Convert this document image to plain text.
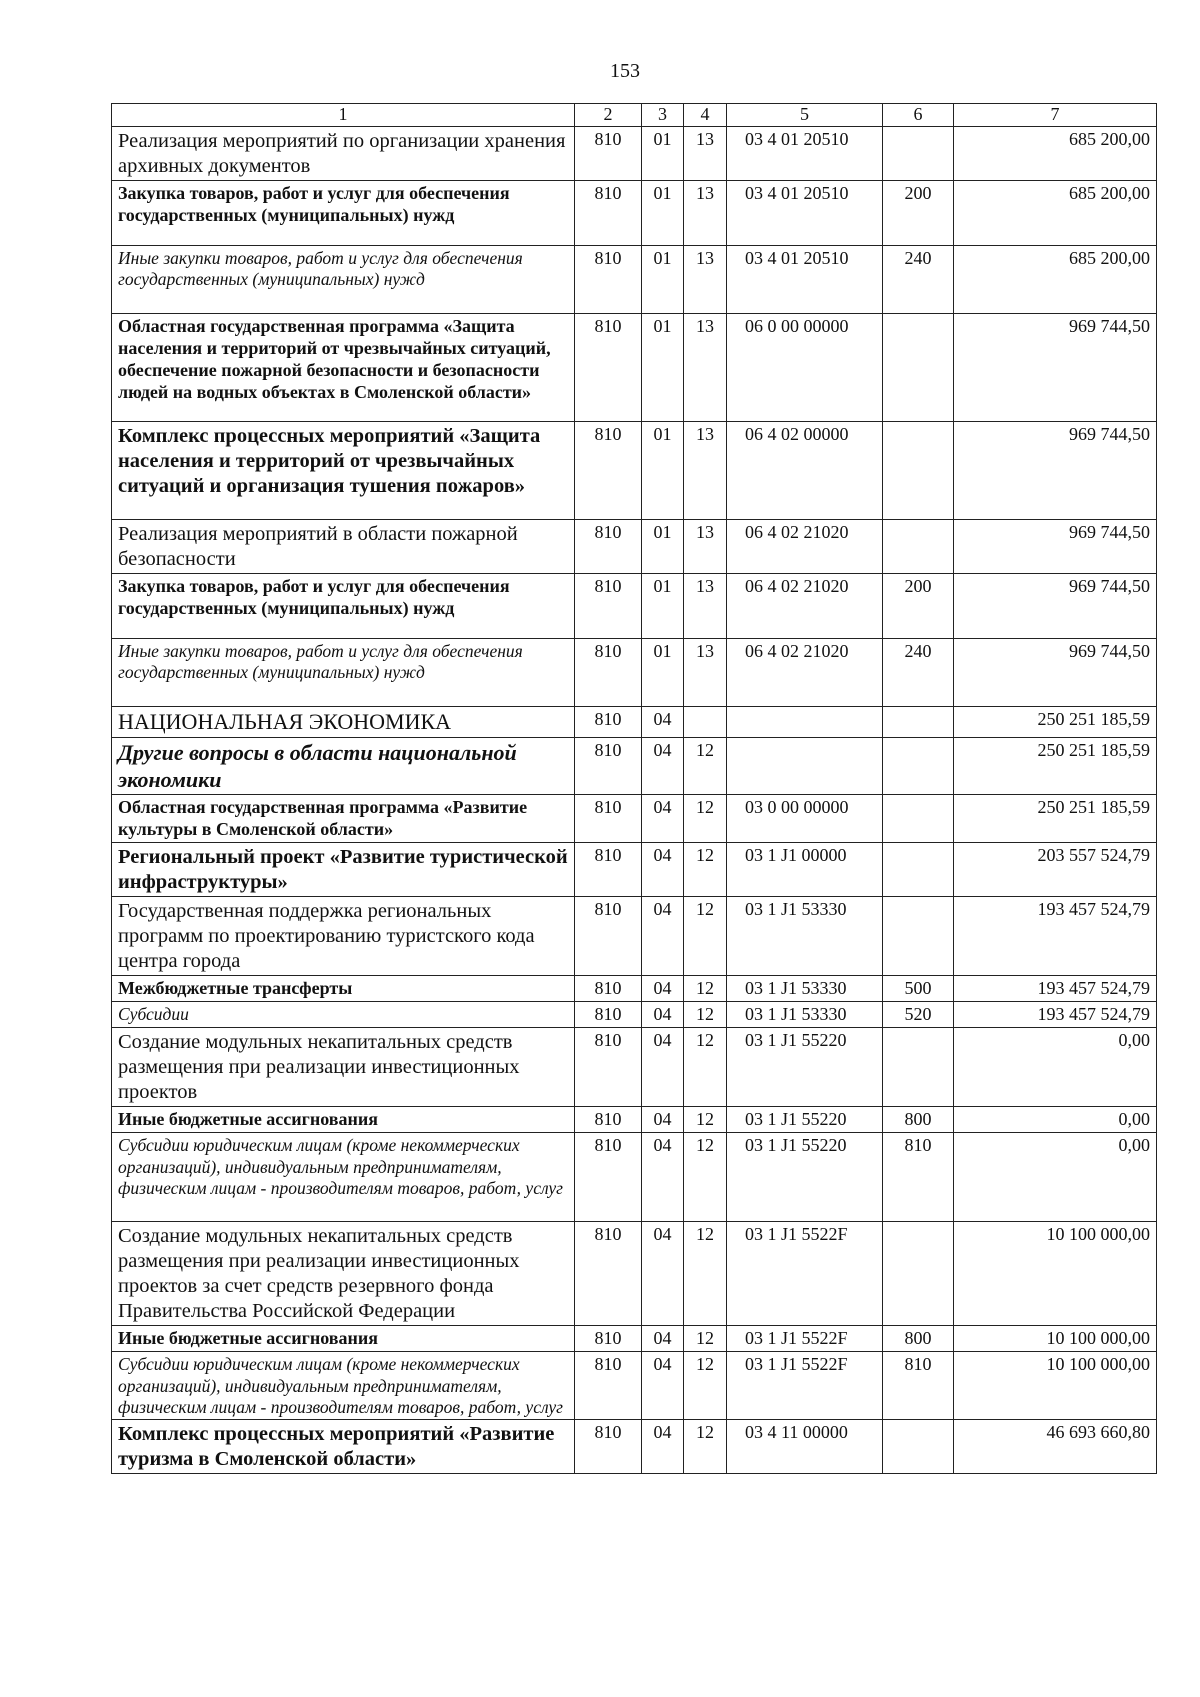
153
1	2	3	4	5	6	7
Реализация мероприятий по организации хранения архивных документов	810	01	13	03 4 01 20510		685 200,00
Закупка товаров, работ и услуг для обеспечения государственных (муниципальных) нужд	810	01	13	03 4 01 20510	200	685 200,00
Иные закупки товаров, работ и услуг для обеспечения государственных (муниципальных) нужд	810	01	13	03 4 01 20510	240	685 200,00
Областная государственная программа «Защита населения и территорий от чрезвычайных ситуаций, обеспечение пожарной безопасности и безопасности людей на водных объектах в Смоленской области»	810	01	13	06 0 00 00000		969 744,50
Комплекс процессных мероприятий «Защита населения и территорий от чрезвычайных ситуаций и организация тушения пожаров»	810	01	13	06 4 02 00000		969 744,50
Реализация мероприятий в области пожарной безопасности	810	01	13	06 4 02 21020		969 744,50
Закупка товаров, работ и услуг для обеспечения государственных (муниципальных) нужд	810	01	13	06 4 02 21020	200	969 744,50
Иные закупки товаров, работ и услуг для обеспечения государственных (муниципальных) нужд	810	01	13	06 4 02 21020	240	969 744,50
НАЦИОНАЛЬНАЯ ЭКОНОМИКА	810	04				250 251 185,59
Другие вопросы в области национальной экономики	810	04	12			250 251 185,59
Областная государственная программа «Развитие культуры в Смоленской области»	810	04	12	03 0 00 00000		250 251 185,59
Региональный проект «Развитие туристической инфраструктуры»	810	04	12	03 1 J1 00000		203 557 524,79
Государственная поддержка региональных программ по проектированию туристского кода центра города	810	04	12	03 1 J1 53330		193 457 524,79
Межбюджетные трансферты	810	04	12	03 1 J1 53330	500	193 457 524,79
Субсидии	810	04	12	03 1 J1 53330	520	193 457 524,79
Создание модульных некапитальных средств размещения при реализации инвестиционных проектов	810	04	12	03 1 J1 55220		0,00
Иные бюджетные ассигнования	810	04	12	03 1 J1 55220	800	0,00
Субсидии юридическим лицам (кроме некоммерческих организаций), индивидуальным предпринимателям, физическим лицам - производителям товаров, работ, услуг	810	04	12	03 1 J1 55220	810	0,00
Создание модульных некапитальных средств размещения при реализации инвестиционных проектов за счет средств резервного фонда Правительства Российской Федерации	810	04	12	03 1 J1 5522F		10 100 000,00
Иные бюджетные ассигнования	810	04	12	03 1 J1 5522F	800	10 100 000,00
Субсидии юридическим лицам (кроме некоммерческих организаций), индивидуальным предпринимателям, физическим лицам - производителям товаров, работ, услуг	810	04	12	03 1 J1 5522F	810	10 100 000,00
Комплекс процессных мероприятий «Развитие туризма в Смоленской области»	810	04	12	03 4 11 00000		46 693 660,80
